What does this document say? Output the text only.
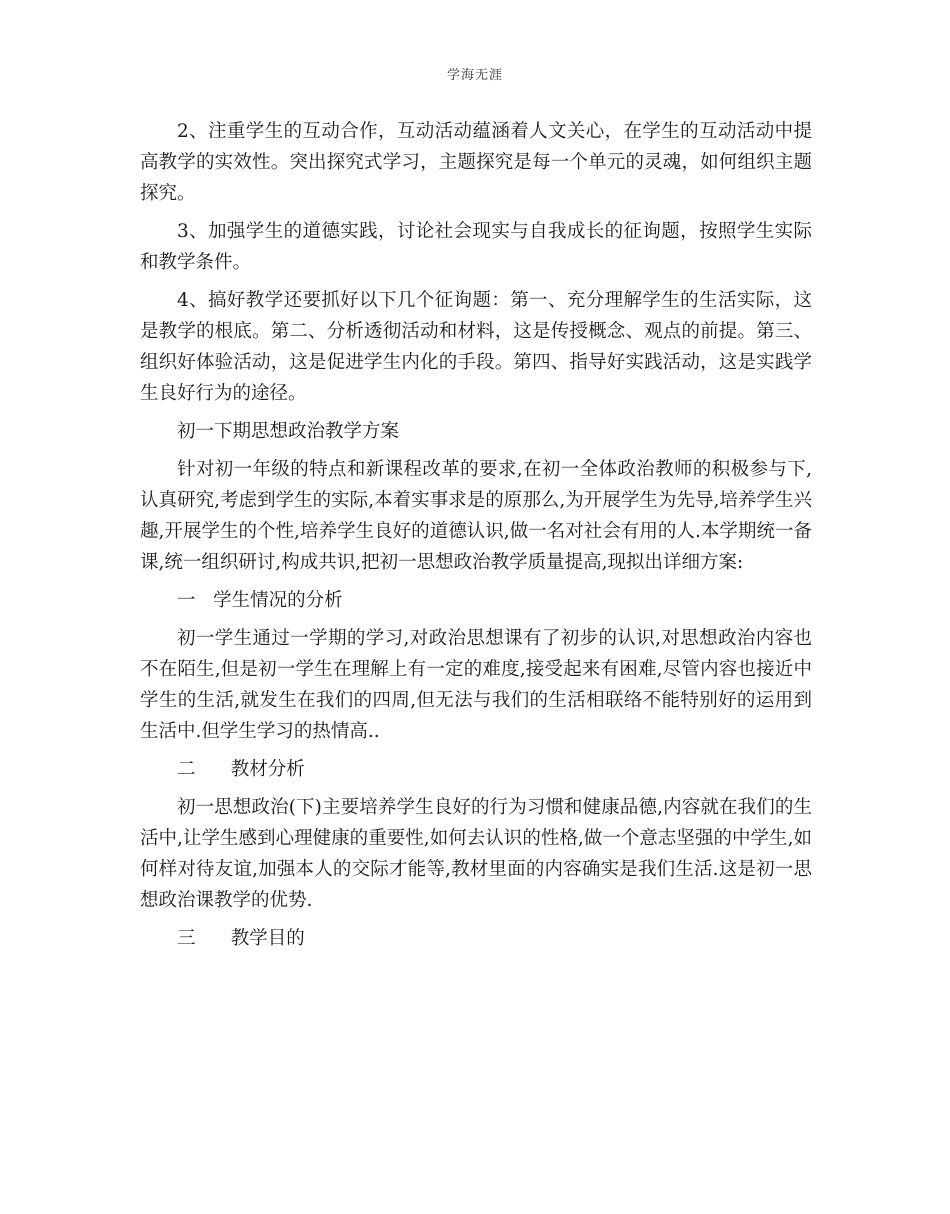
学海无涯

2、注重学生的互动合作，互动活动蕴涵着人文关心，在学生的互动活动中提高教学的实效性。突出探究式学习，主题探究是每一个单元的灵魂，如何组织主题探究。

3、加强学生的道德实践，讨论社会现实与自我成长的征询题，按照学生实际和教学条件。

4、搞好教学还要抓好以下几个征询题：第一、充分理解学生的生活实际，这是教学的根底。第二、分析透彻活动和材料，这是传授概念、观点的前提。第三、组织好体验活动，这是促进学生内化的手段。第四、指导好实践活动，这是实践学生良好行为的途径。

初一下期思想政治教学方案

针对初一年级的特点和新课程改革的要求,在初一全体政治教师的积极参与下,认真研究,考虑到学生的实际,本着实事求是的原那么,为开展学生为先导,培养学生兴趣,开展学生的个性,培养学生良好的道德认识,做一名对社会有用的人.本学期统一备课,统一组织研讨,构成共识,把初一思想政治教学质量提高,现拟出详细方案:

一   学生情况的分析

初一学生通过一学期的学习,对政治思想课有了初步的认识,对思想政治内容也不在陌生,但是初一学生在理解上有一定的难度,接受起来有困难,尽管内容也接近中学生的生活,就发生在我们的四周,但无法与我们的生活相联络不能特别好的运用到生活中.但学生学习的热情高..

二      教材分析

初一思想政治(下)主要培养学生良好的行为习惯和健康品德,内容就在我们的生活中,让学生感到心理健康的重要性,如何去认识的性格,做一个意志坚强的中学生,如何样对待友谊,加强本人的交际才能等,教材里面的内容确实是我们生活.这是初一思想政治课教学的优势.

三      教学目的
